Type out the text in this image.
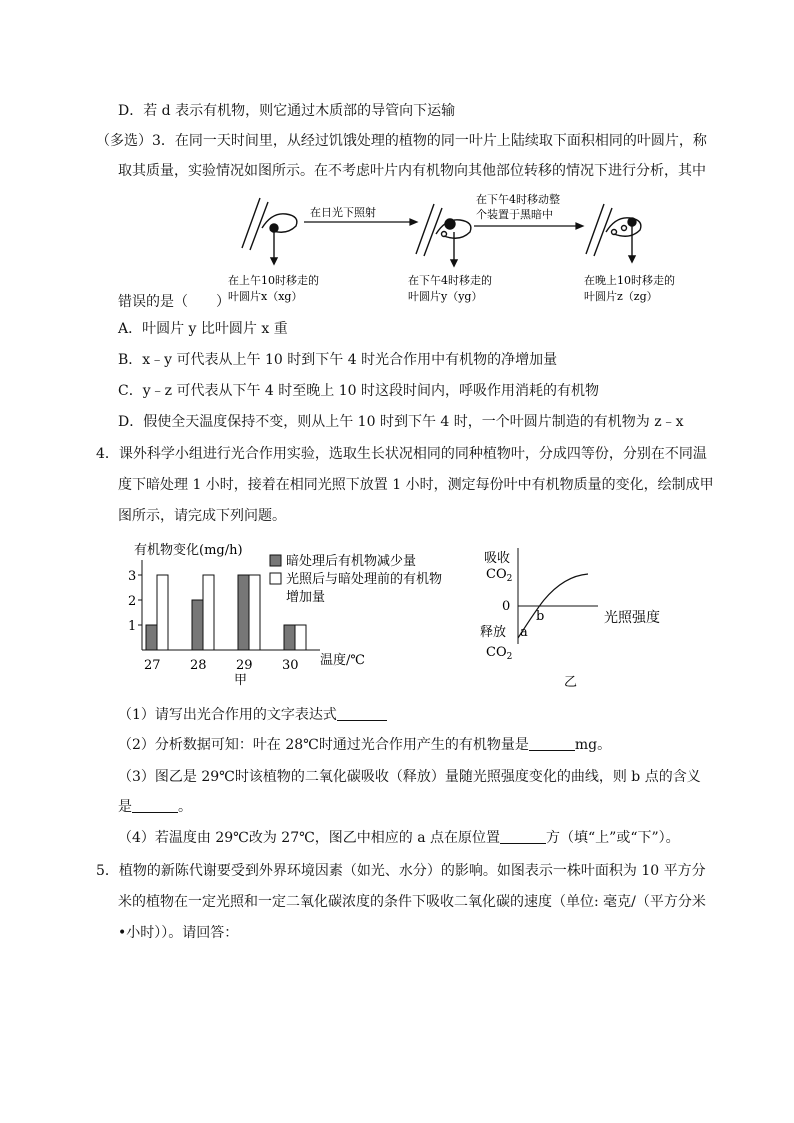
D．若 d 表示有机物，则它通过木质部的导管向下运输
（多选）3．在同一天时间里，从经过饥饿处理的植物的同一叶片上陆续取下面积相同的叶圆片，称
取其质量，实验情况如图所示。在不考虑叶片内有机物向其他部位转移的情况下进行分析，其中
在日光下照射
在下午4时移动整
个装置于黑暗中
在上午10时移走的
叶圆片x（xg）
在下午4时移走的
叶圆片y（yg）
在晚上10时移走的
叶圆片z（zg）
错误的是（　　）
A．叶圆片 y 比叶圆片 x 重
B．x﹣y 可代表从上午 10 时到下午 4 时光合作用中有机物的净增加量
C．y﹣z 可代表从下午 4 时至晚上 10 时这段时间内，呼吸作用消耗的有机物
D．假使全天温度保持不变，则从上午 10 时到下午 4 时，一个叶圆片制造的有机物为 z﹣x
4．课外科学小组进行光合作用实验，选取生长状况相同的同种植物叶，分成四等份，分别在不同温
度下暗处理 1 小时，接着在相同光照下放置 1 小时，测定每份叶中有机物质量的变化，绘制成甲
图所示，请完成下列问题。
1
2
3
27 28 29 30
有机物变化(mg/h)
温度/℃
甲
暗处理后有机物减少量
光照后与暗处理前的有机物
增加量
吸收
$CO_2$
0
b
a
光照强度
释放
$CO_2$
乙
（1）请写出光合作用的文字表达式
（2）分析数据可知：叶在 28℃时通过光合作用产生的有机物量是	mg。
（3）图乙是 29℃时该植物的二氧化碳吸收（释放）量随光照强度变化的曲线，则 b 点的含义
是	。
（4）若温度由 29℃改为 27℃，图乙中相应的 a 点在原位置	方（填“上”或“下”）。
5．植物的新陈代谢要受到外界环境因素（如光、水分）的影响。如图表示一株叶面积为 10 平方分
米的植物在一定光照和一定二氧化碳浓度的条件下吸收二氧化碳的速度（单位: 毫克/（平方分米
•小时））。请回答：
